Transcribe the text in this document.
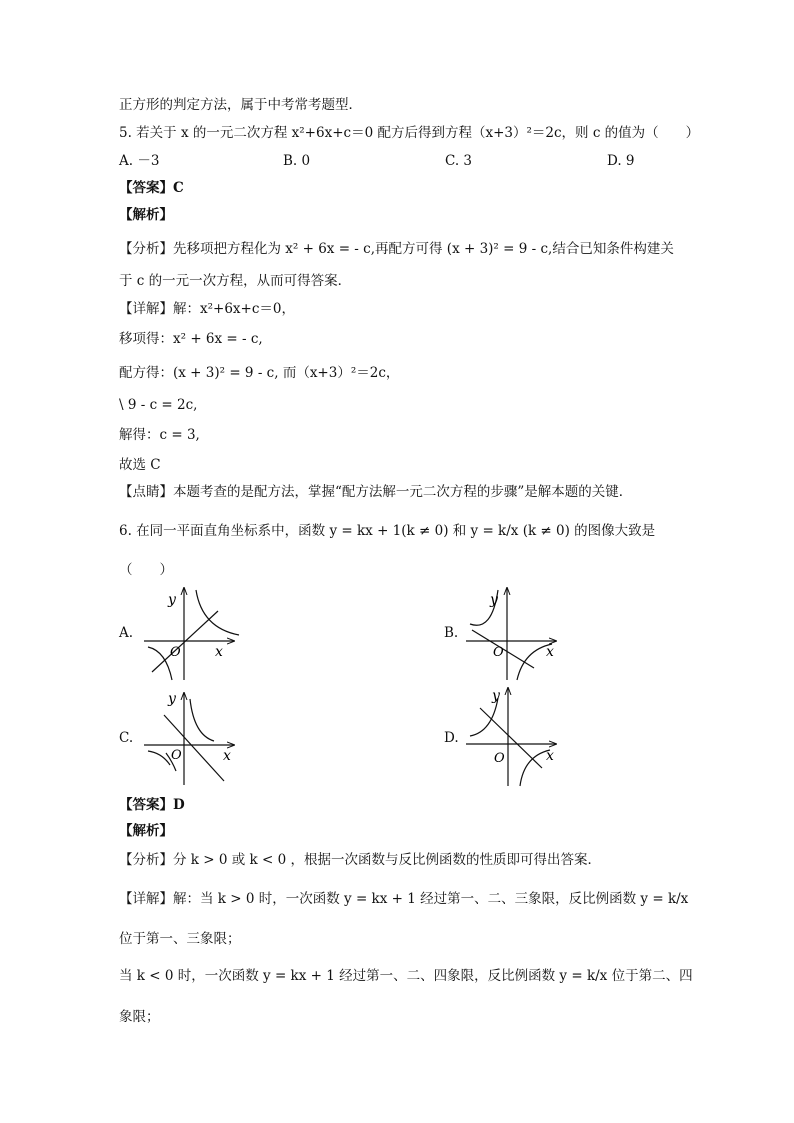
正方形的判定方法，属于中考常考题型．
5. 若关于 x 的一元二次方程 x²+6x+c＝0 配方后得到方程（x+3）²＝2c，则 c 的值为（　　）
A. －3	B. 0	C. 3	D. 9
【答案】C
【解析】
【分析】先移项把方程化为 x² + 6x = - c,再配方可得 (x + 3)² = 9 - c,结合已知条件构建关
于 c 的一元一次方程，从而可得答案．
【详解】解：x²+6x+c＝0，
移项得：x² + 6x = - c,
配方得：(x + 3)² = 9 - c, 而（x+3）²＝2c，
\ 9 - c = 2c,
解得：c = 3,
故选 C
【点睛】本题考查的是配方法，掌握“配方法解一元二次方程的步骤”是解本题的关键．
6. 在同一平面直角坐标系中，函数 y = kx + 1(k ≠ 0) 和 y = k/x (k ≠ 0) 的图像大致是
（　　）
A.
y
O x
B.
y
O	x
C.
y
O	x
D.
y
O	x
【答案】D
【解析】
【分析】分 k > 0 或 k < 0 ，根据一次函数与反比例函数的性质即可得出答案．
【详解】解：当 k > 0 时，一次函数 y = kx + 1 经过第一、二、三象限，反比例函数 y = k/x
位于第一、三象限；
当 k < 0 时，一次函数 y = kx + 1 经过第一、二、四象限，反比例函数 y = k/x 位于第二、四
象限；
